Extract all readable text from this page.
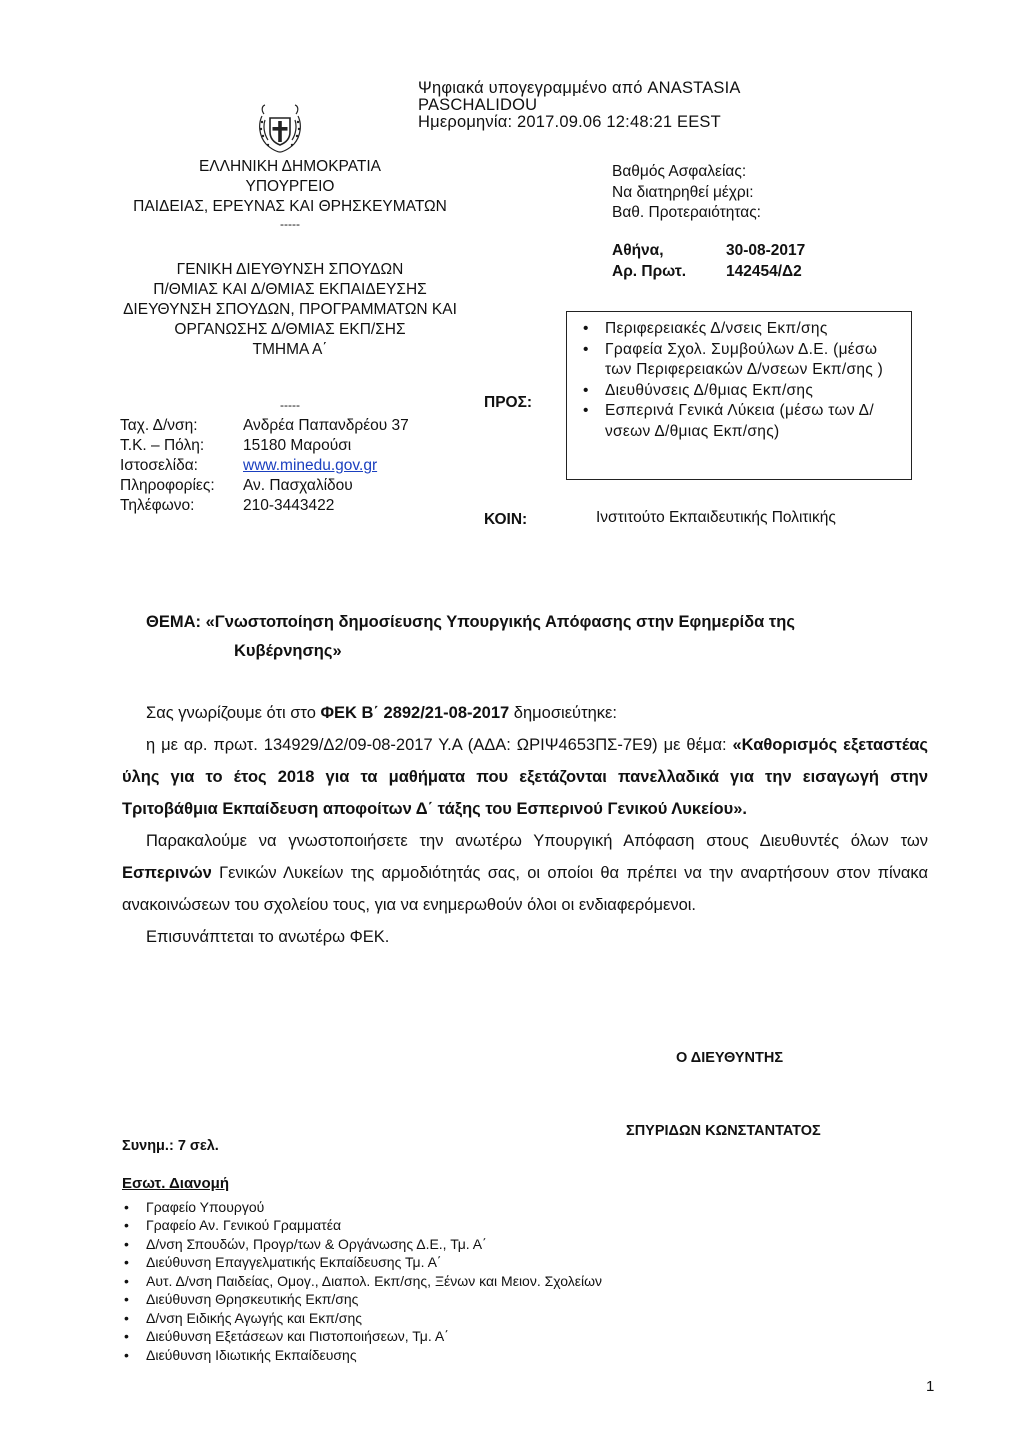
Ψηφιακά υπογεγραμμένο από ANASTASIA
PASCHALIDOU
Ημερομηνία: 2017.09.06 12:48:21 EEST
ΕΛΛΗΝΙΚΗ ΔΗΜΟΚΡΑΤΙΑ
ΥΠΟΥΡΓΕΙΟ
ΠΑΙΔΕΙΑΣ, ΕΡΕΥΝΑΣ ΚΑΙ ΘΡΗΣΚΕΥΜΑΤΩΝ
-----
ΓΕΝΙΚΗ ΔΙΕΥΘΥΝΣΗ ΣΠΟΥΔΩΝ
Π/ΘΜΙΑΣ ΚΑΙ Δ/ΘΜΙΑΣ ΕΚΠΑΙΔΕΥΣΗΣ
ΔΙΕΥΘΥΝΣΗ ΣΠΟΥΔΩΝ, ΠΡΟΓΡΑΜΜΑΤΩΝ ΚΑΙ
ΟΡΓΑΝΩΣΗΣ Δ/ΘΜΙΑΣ ΕΚΠ/ΣΗΣ
ΤΜΗΜΑ Α΄
-----
Ταχ. Δ/νση:	Ανδρέα Παπανδρέου 37
Τ.Κ. – Πόλη:	15180 Μαρούσι
Ιστοσελίδα:	www.minedu.gov.gr
Πληροφορίες:	Αν. Πασχαλίδου
Τηλέφωνο:	210-3443422
Βαθμός Ασφαλείας:
Να διατηρηθεί μέχρι:
Βαθ. Προτεραιότητας:
Αθήνα,	30-08-2017
Αρ. Πρωτ.	142454/Δ2
ΠΡΟΣ:
• Περιφερειακές Δ/νσεις Εκπ/σης
• Γραφεία Σχολ. Συμβούλων Δ.Ε. (μέσω των Περιφερειακών Δ/νσεων Εκπ/σης )
• Διευθύνσεις Δ/θμιας Εκπ/σης
• Εσπερινά Γενικά Λύκεια (μέσω των Δ/νσεων Δ/θμιας Εκπ/σης)
ΚΟΙΝ:	Ινστιτούτο Εκπαιδευτικής Πολιτικής
ΘΕΜΑ: «Γνωστοποίηση δημοσίευσης Υπουργικής Απόφασης στην Εφημερίδα της
Κυβέρνησης»

Σας γνωρίζουμε ότι στο ΦΕΚ Β΄ 2892/21-08-2017 δημοσιεύτηκε:

η με αρ. πρωτ. 134929/Δ2/09-08-2017 Υ.Α (ΑΔΑ: ΩΡΙΨ4653ΠΣ-7Ε9) με θέμα: «Καθορισμός εξεταστέας ύλης για το έτος 2018 για τα μαθήματα που εξετάζονται πανελλαδικά για την εισαγωγή στην Τριτοβάθμια Εκπαίδευση αποφοίτων Δ΄ τάξης του Εσπερινού Γενικού Λυκείου».

Παρακαλούμε να γνωστοποιήσετε την ανωτέρω Υπουργική Απόφαση στους Διευθυντές όλων των Εσπερινών Γενικών Λυκείων της αρμοδιότητάς σας, οι οποίοι θα πρέπει να την αναρτήσουν στον πίνακα ανακοινώσεων του σχολείου τους, για να ενημερωθούν όλοι οι ενδιαφερόμενοι.

Επισυνάπτεται το ανωτέρω ΦΕΚ.

Ο ΔΙΕΥΘΥΝΤΗΣ
ΣΠΥΡΙΔΩΝ ΚΩΝΣΤΑΝΤΑΤΟΣ
Συνημ.: 7 σελ.
Εσωτ. Διανομή
• Γραφείο Υπουργού
• Γραφείο Αν. Γενικού Γραμματέα
• Δ/νση Σπουδών, Προγρ/των & Οργάνωσης Δ.Ε., Τμ. Α΄
• Διεύθυνση Επαγγελματικής Εκπαίδευσης Τμ. Α΄
• Αυτ. Δ/νση Παιδείας, Ομογ., Διαπολ. Εκπ/σης, Ξένων και Μειον. Σχολείων
• Διεύθυνση Θρησκευτικής Εκπ/σης
• Δ/νση Ειδικής Αγωγής και Εκπ/σης
• Διεύθυνση Εξετάσεων και Πιστοποιήσεων, Τμ. Α΄
• Διεύθυνση Ιδιωτικής Εκπαίδευσης
1
